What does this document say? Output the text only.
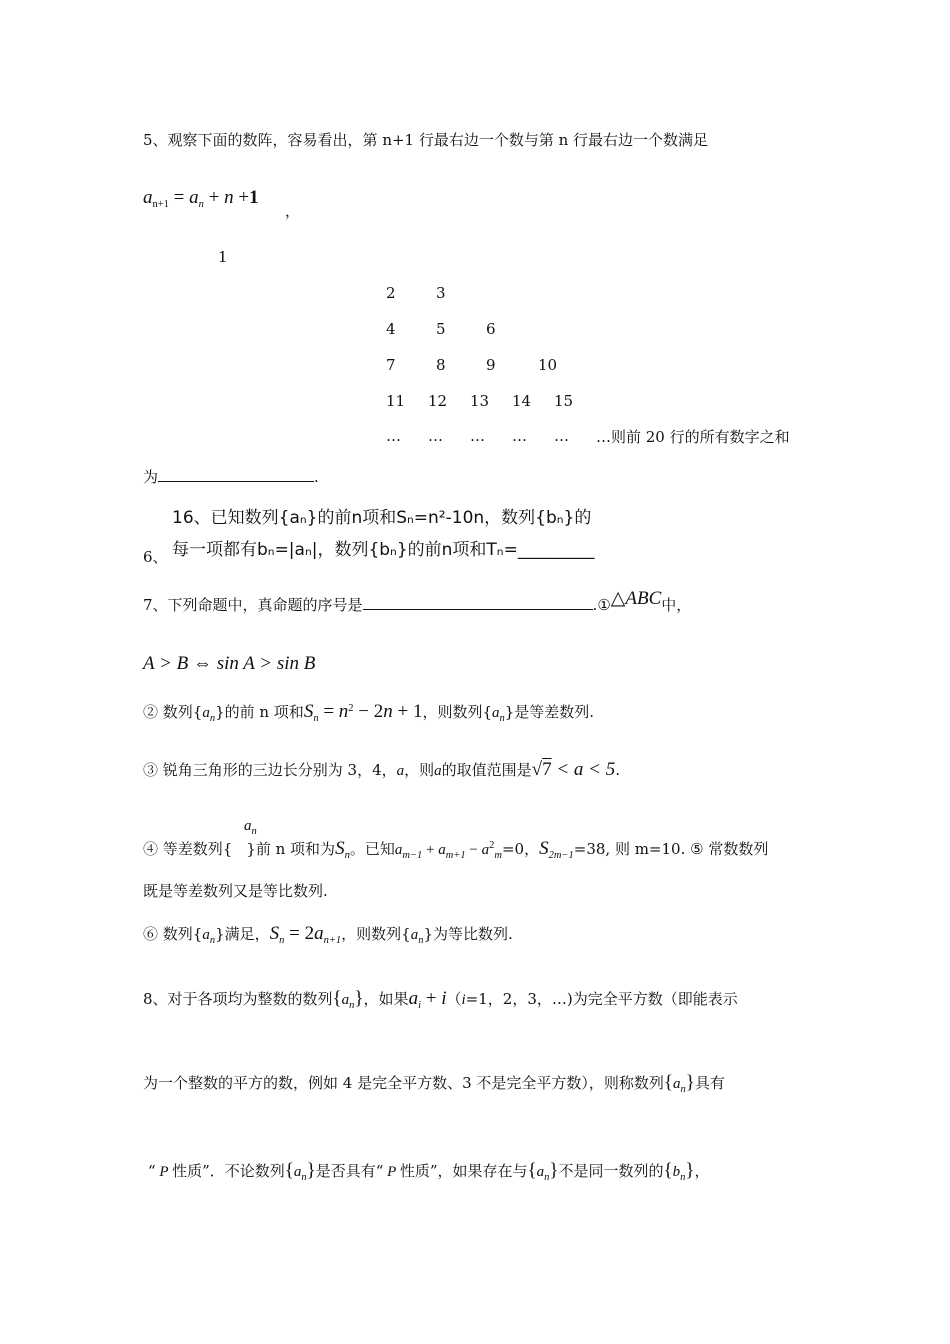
5、观察下面的数阵，容易看出，第 n+1 行最右边一个数与第 n 行最右边一个数满足
$a_{n+1} = a_n + n +1$
，
1
2	3
4	5	6
7	8	9	10
11 12 13 14 15
… … … … … …则前 20 行的所有数字之和
为	.
16、已知数列{aₙ}的前n项和Sₙ=n²-10n，数列{bₙ}的
6、 每一项都有bₙ=|aₙ|，数列{bₙ}的前n项和Tₙ=_________
7、下列命题中，真命题的序号是	.①△ABC中，
A > B ⇔ sin A > sin B
② 数列$\{a_n\}$的前 n 项和$S_n = n^2 - 2n + 1$，则数列$\{a_n\}$是等差数列.
③ 锐角三角形的三边长分别为 3，4，a，则a的取值范围是√7 < a < 5.
$a_n$
④ 等差数列{ }前 n 项和为$S_n$。已知$a_{m-1} + a_{m+1} - a^2_m=0$，$S_{2m-1}=38$, 则 m=10. ⑤ 常数数列
既是等差数列又是等比数列.
⑥ 数列$\{a_n\}$满足，$S_n = 2a_{n+1}$，则数列$\{a_n\}$为等比数列.
8、对于各项均为整数的数列$\{a_n\}$，如果$a_i + i(i=1$，2，3，…)为完全平方数（即能表示
为一个整数的平方的数，例如 4 是完全平方数、3 不是完全平方数），则称数列$\{a_n\}$具有
“ P 性质”．不论数列$\{a_n\}$是否具有“ P 性质”，如果存在与$\{a_n\}$不是同一数列的$\{b_n\}$，
